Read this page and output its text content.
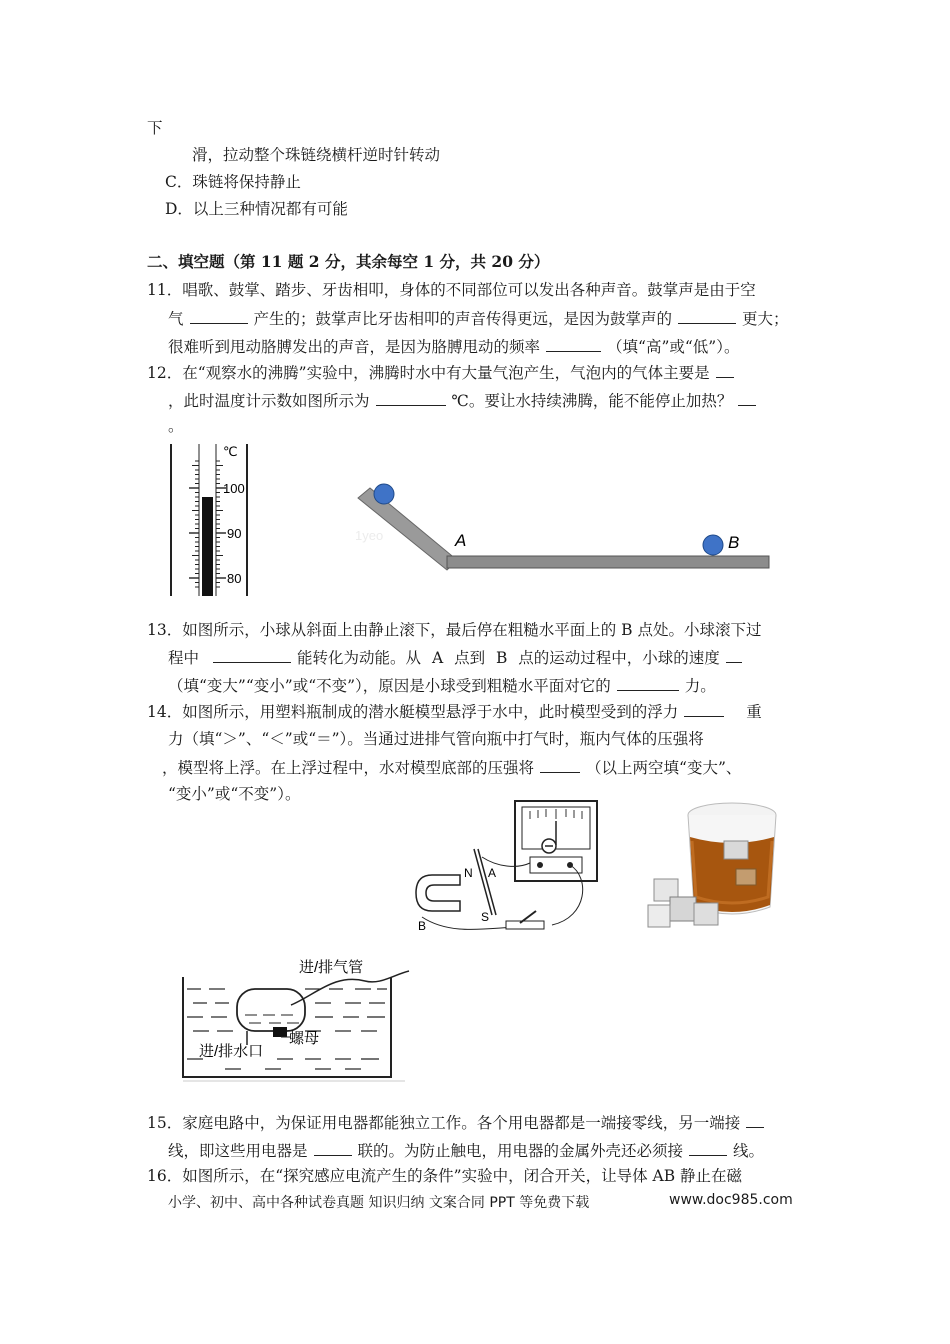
下
滑，拉动整个珠链绕横杆逆时针转动
C．珠链将保持静止
D．以上三种情况都有可能
二、填空题（第 11 题 2 分，其余每空 1 分，共 20 分）
11．唱歌、鼓掌、踏步、牙齿相叩，身体的不同部位可以发出各种声音。鼓掌声是由于空
气	产生的；鼓掌声比牙齿相叩的声音传得更远，是因为鼓掌声的	更大；
很难听到甩动胳膊发出的声音，是因为胳膊甩动的频率	（填“高”或“低”）。
12．在“观察水的沸腾”实验中，沸腾时水中有大量气泡产生，气泡内的气体主要是
，此时温度计示数如图所示为	℃。要让水持续沸腾，能不能停止加热？
。
℃
100
90
80
A	B
1yeo
13．如图所示，小球从斜面上由静止滚下，最后停在粗糙水平面上的 B 点处。小球滚下过
程中	能转化为动能。从 A 点到 B 点的运动过程中，小球的速度
（填“变大”“变小”或“不变”），原因是小球受到粗糙水平面对它的	力。
14．如图所示，用塑料瓶制成的潜水艇模型悬浮于水中，此时模型受到的浮力	重
力（填“＞”、“＜”或“＝”）。当通过进排气管向瓶中打气时，瓶内气体的压强将
，模型将上浮。在上浮过程中，水对模型底部的压强将	（以上两空填“变大”、
“变小”或“不变”）。
N A
B
S
进/排气管
进/排水口
螺母
15．家庭电路中，为保证用电器都能独立工作。各个用电器都是一端接零线，另一端接
线，即这些用电器是	联的。为防止触电，用电器的金属外壳还必须接	线。
16．如图所示，在“探究感应电流产生的条件”实验中，闭合开关，让导体 AB 静止在磁
小学、初中、高中各种试卷真题 知识归纳 文案合同 PPT 等免费下载	www.doc985.com
